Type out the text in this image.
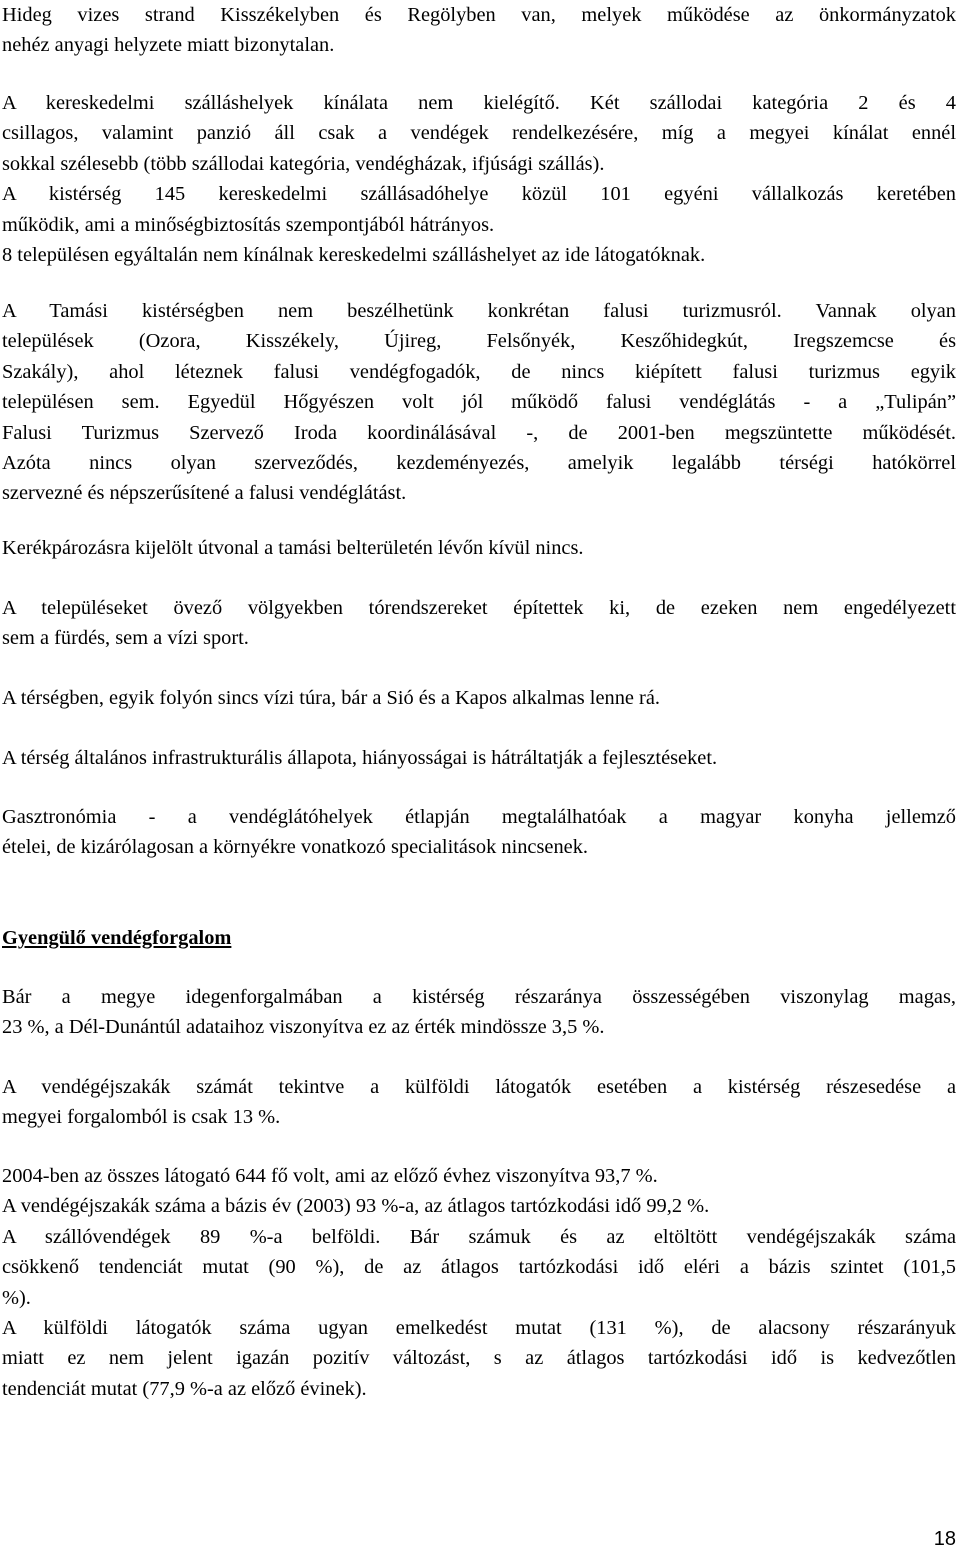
Hideg vizes strand Kisszékelyben és Regölyben van, melyek működése az önkormányzatok
nehéz anyagi helyzete miatt bizonytalan.

A kereskedelmi szálláshelyek kínálata nem kielégítő. Két szállodai kategória 2 és 4
csillagos, valamint panzió áll csak a vendégek rendelkezésére, míg a megyei kínálat ennél
sokkal szélesebb (több szállodai kategória, vendégházak, ifjúsági szállás).
A kistérség 145 kereskedelmi szállásadóhelye közül 101 egyéni vállalkozás keretében
működik, ami a minőségbiztosítás szempontjából hátrányos.
8 településen egyáltalán nem kínálnak kereskedelmi szálláshelyet az ide látogatóknak.

A Tamási kistérségben nem beszélhetünk konkrétan falusi turizmusról. Vannak olyan
települések (Ozora, Kisszékely, Újireg, Felsőnyék, Keszőhidegkút, Iregszemcse és
Szakály), ahol léteznek falusi vendégfogadók, de nincs kiépített falusi turizmus egyik
településen sem. Egyedül Hőgyészen volt jól működő falusi vendéglátás - a „Tulipán”
Falusi Turizmus Szervező Iroda koordinálásával -, de 2001-ben megszüntette működését.
Azóta nincs olyan szerveződés, kezdeményezés, amelyik legalább térségi hatókörrel
szervezné és népszerűsítené a falusi vendéglátást.

Kerékpározásra kijelölt útvonal a tamási belterületén lévőn kívül nincs.

A településeket övező völgyekben tórendszereket építettek ki, de ezeken nem engedélyezett
sem a fürdés, sem a vízi sport.

A térségben, egyik folyón sincs vízi túra, bár a Sió és a Kapos alkalmas lenne rá.

A térség általános infrastrukturális állapota, hiányosságai is hátráltatják a fejlesztéseket.

Gasztronómia - a vendéglátóhelyek étlapján megtalálhatóak a magyar konyha jellemző
ételei, de kizárólagosan a környékre vonatkozó specialitások nincsenek.

Gyengülő vendégforgalom

Bár a megye idegenforgalmában a kistérség részaránya összességében viszonylag magas,
23 %, a Dél-Dunántúl adataihoz viszonyítva ez az érték mindössze 3,5 %.

A vendégéjszakák számát tekintve a külföldi látogatók esetében a kistérség részesedése a
megyei forgalomból is csak 13 %.

2004-ben az összes látogató 644 fő volt, ami az előző évhez viszonyítva 93,7 %.
A vendégéjszakák száma a bázis év (2003) 93 %-a, az átlagos tartózkodási idő 99,2 %.
A szállóvendégek 89 %-a belföldi. Bár számuk és az eltöltött vendégéjszakák száma
csökkenő tendenciát mutat (90 %), de az átlagos tartózkodási idő eléri a bázis szintet (101,5
%).
A külföldi látogatók száma ugyan emelkedést mutat (131 %), de alacsony részarányuk
miatt ez nem jelent igazán pozitív változást, s az átlagos tartózkodási idő is kedvezőtlen
tendenciát mutat (77,9 %-a az előző évinek).

18
